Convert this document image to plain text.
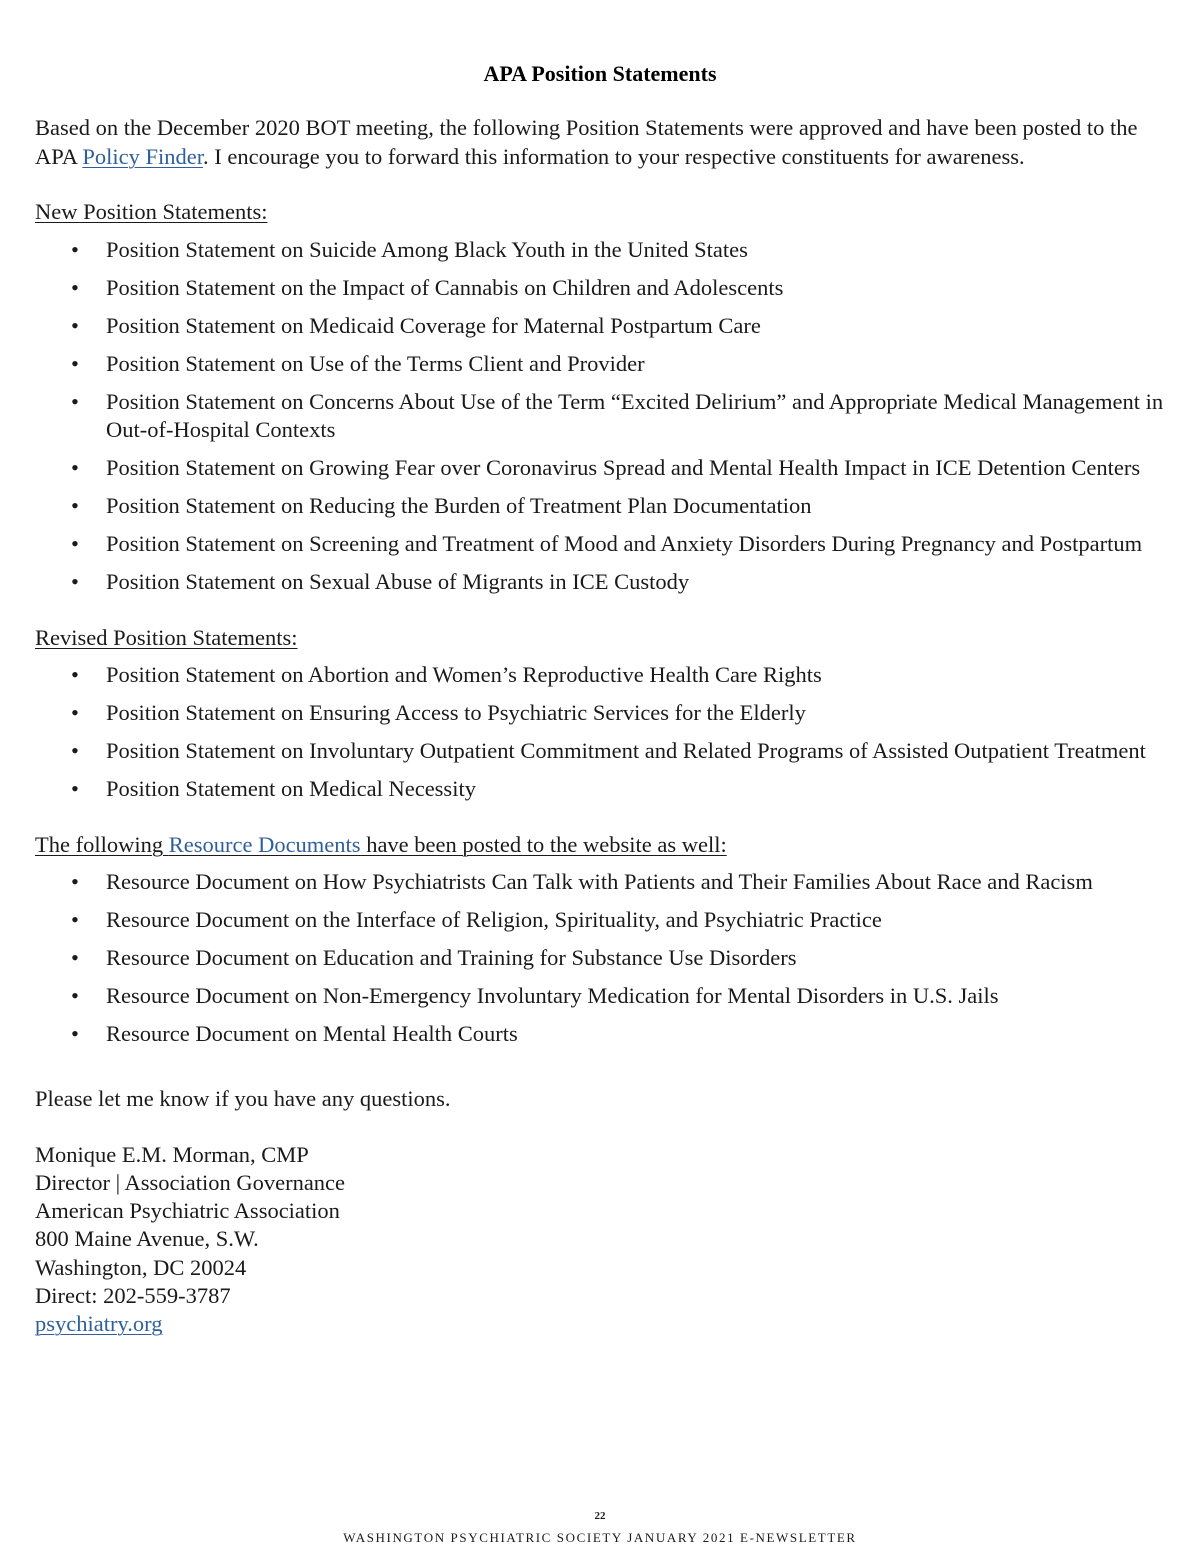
APA Position Statements

Based on the December 2020 BOT meeting, the following Position Statements were approved and have been posted to the APA Policy Finder. I encourage you to forward this information to your respective constituents for awareness.

New Position Statements:
• Position Statement on Suicide Among Black Youth in the United States
• Position Statement on the Impact of Cannabis on Children and Adolescents
• Position Statement on Medicaid Coverage for Maternal Postpartum Care
• Position Statement on Use of the Terms Client and Provider
• Position Statement on Concerns About Use of the Term “Excited Delirium” and Appropriate Medical Management in Out-of-Hospital Contexts
• Position Statement on Growing Fear over Coronavirus Spread and Mental Health Impact in ICE Detention Centers
• Position Statement on Reducing the Burden of Treatment Plan Documentation
• Position Statement on Screening and Treatment of Mood and Anxiety Disorders During Pregnancy and Postpartum
• Position Statement on Sexual Abuse of Migrants in ICE Custody
Revised Position Statements:
• Position Statement on Abortion and Women’s Reproductive Health Care Rights
• Position Statement on Ensuring Access to Psychiatric Services for the Elderly
• Position Statement on Involuntary Outpatient Commitment and Related Programs of Assisted Outpatient Treatment
• Position Statement on Medical Necessity
The following Resource Documents have been posted to the website as well:
• Resource Document on How Psychiatrists Can Talk with Patients and Their Families About Race and Racism
• Resource Document on the Interface of Religion, Spirituality, and Psychiatric Practice
• Resource Document on Education and Training for Substance Use Disorders
• Resource Document on Non-Emergency Involuntary Medication for Mental Disorders in U.S. Jails
• Resource Document on Mental Health Courts

Please let me know if you have any questions.

Monique E.M. Morman, CMP

Director | Association Governance

American Psychiatric Association

800 Maine Avenue, S.W.

Washington, DC 20024

Direct: 202-559-3787

psychiatry.org

22
WASHINGTON PSYCHIATRIC SOCIETY JANUARY 2021 E-NEWSLETTER
